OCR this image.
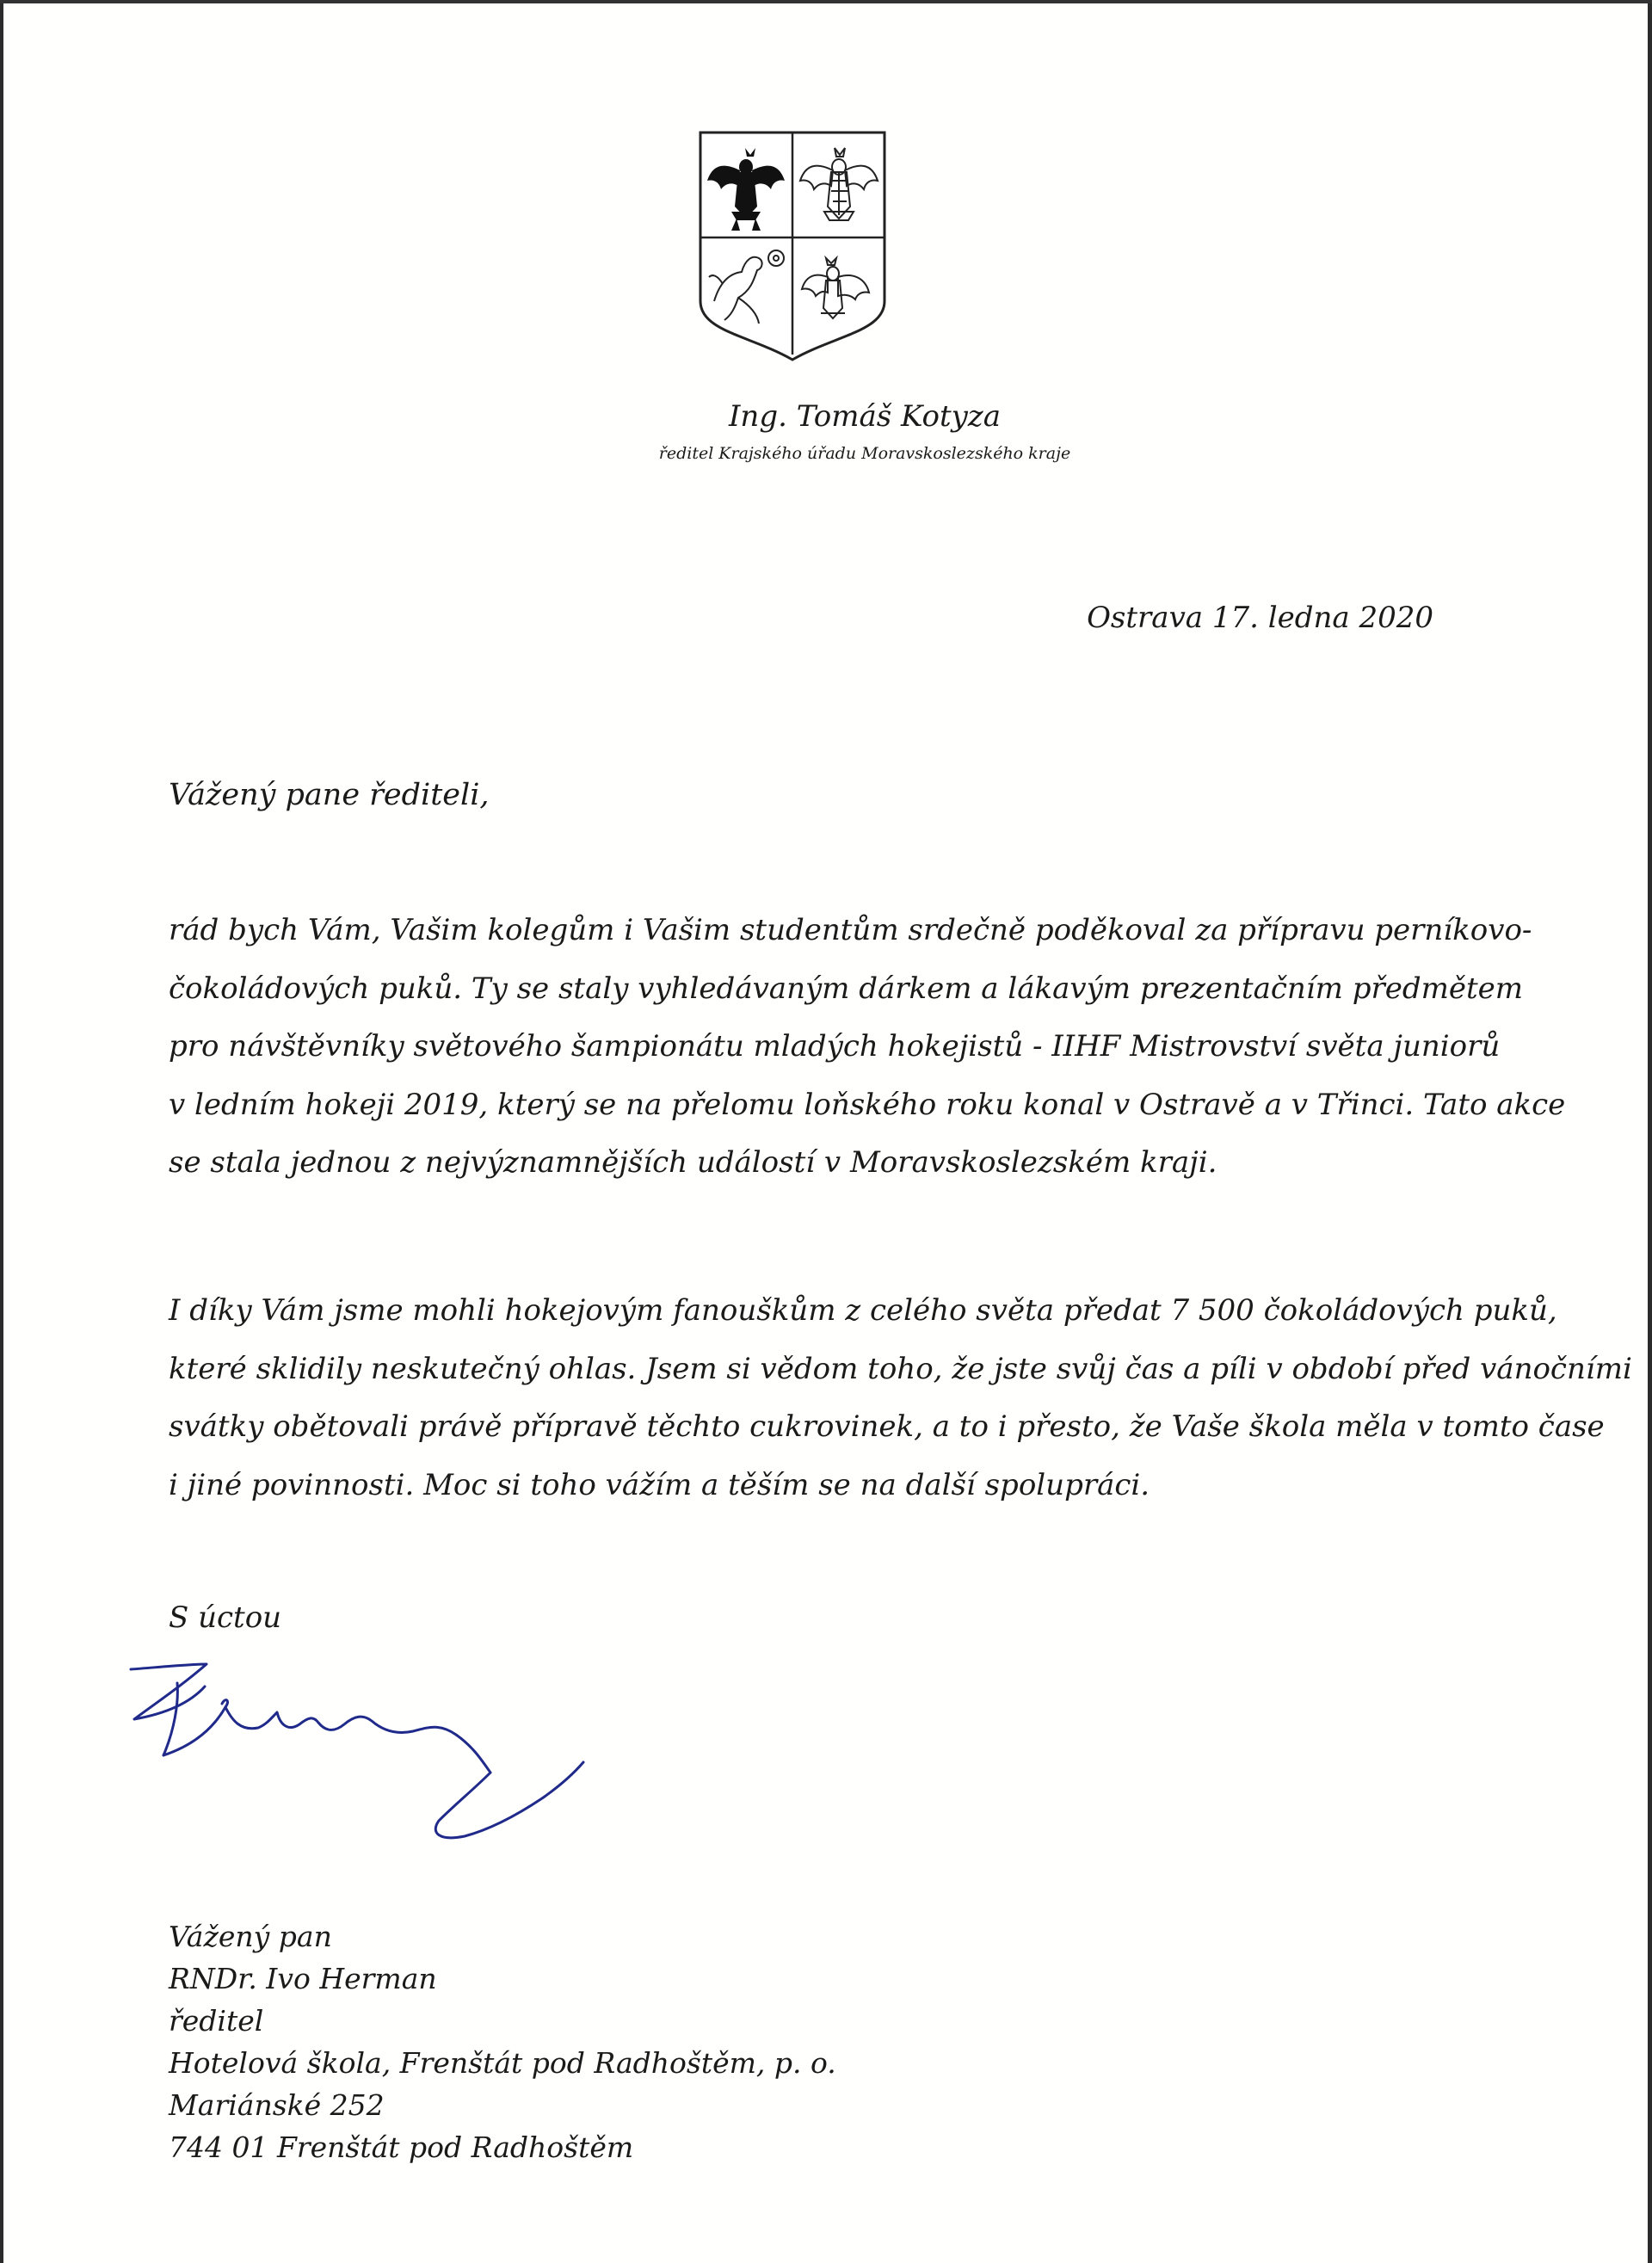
Ing. Tomáš Kotyza
ředitel Krajského úřadu Moravskoslezského kraje
Ostrava 17. ledna 2020
Vážený pane řediteli,
rád bych Vám, Vašim kolegům i Vašim studentům srdečně poděkoval za přípravu perníkovo-
čokoládových puků. Ty se staly vyhledávaným dárkem a lákavým prezentačním předmětem
pro návštěvníky světového šampionátu mladých hokejistů - IIHF Mistrovství světa juniorů
v ledním hokeji 2019, který se na přelomu loňského roku konal v Ostravě a v Třinci. Tato akce
se stala jednou z nejvýznamnějších událostí v Moravskoslezském kraji.
I díky Vám jsme mohli hokejovým fanouškům z celého světa předat 7 500 čokoládových puků,
které sklidily neskutečný ohlas. Jsem si vědom toho, že jste svůj čas a píli v období před vánočními
svátky obětovali právě přípravě těchto cukrovinek, a to i přesto, že Vaše škola měla v tomto čase
i jiné povinnosti. Moc si toho vážím a těším se na další spolupráci.
S úctou
Vážený pan
RNDr. Ivo Herman
ředitel
Hotelová škola, Frenštát pod Radhoštěm, p. o.
Mariánské 252
744 01 Frenštát pod Radhoštěm
